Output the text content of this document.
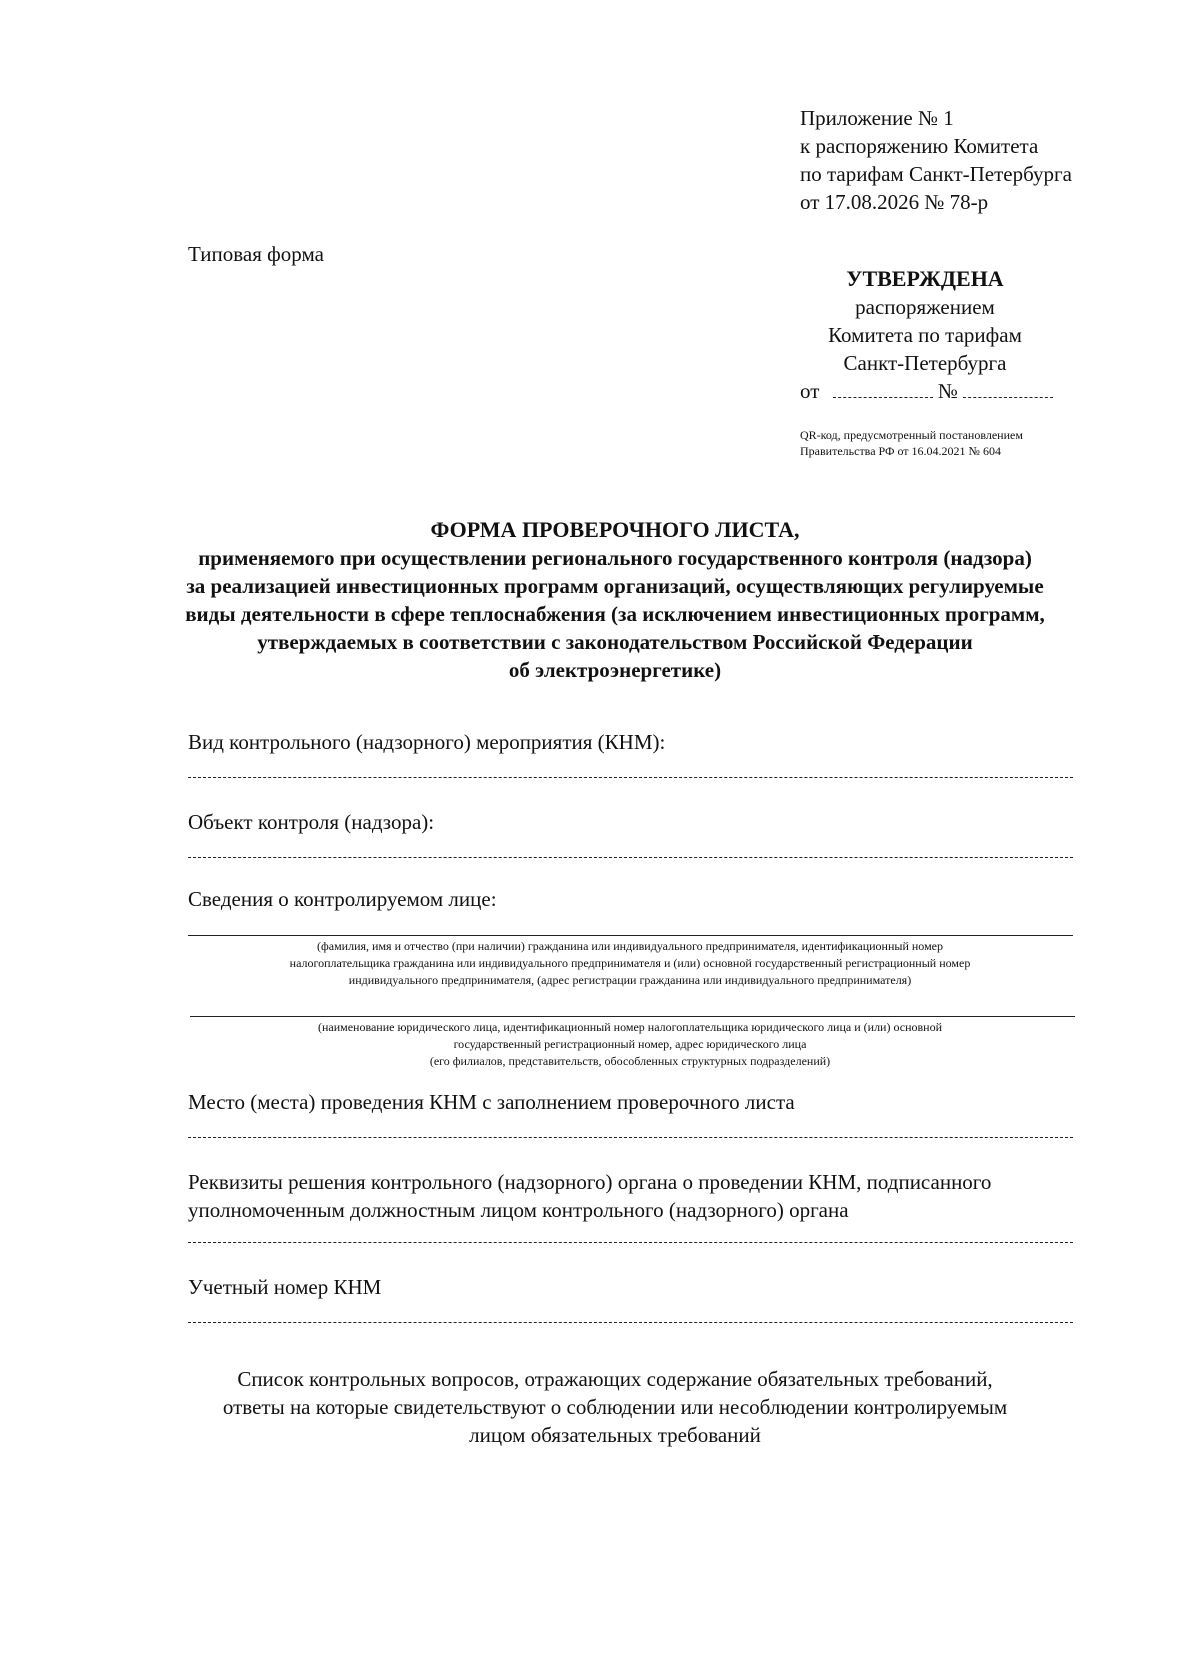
Приложение № 1
к распоряжению Комитета
по тарифам Санкт-Петербурга
от 17.08.2026 № 78-р
Типовая форма
УТВЕРЖДЕНА
распоряжением
Комитета по тарифам
Санкт-Петербурга
от	№
QR-код, предусмотренный постановлением
Правительства РФ от 16.04.2021 № 604
ФОРМА ПРОВЕРОЧНОГО ЛИСТА,
применяемого при осуществлении регионального государственного контроля (надзора)
за реализацией инвестиционных программ организаций, осуществляющих регулируемые
виды деятельности в сфере теплоснабжения (за исключением инвестиционных программ,
утверждаемых в соответствии с законодательством Российской Федерации
об электроэнергетике)
Вид контрольного (надзорного) мероприятия (КНМ):
Объект контроля (надзора):
Сведения о контролируемом лице:
(фамилия, имя и отчество (при наличии) гражданина или индивидуального предпринимателя, идентификационный номер
налогоплательщика гражданина или индивидуального предпринимателя и (или) основной государственный регистрационный номер
индивидуального предпринимателя, (адрес регистрации гражданина или индивидуального предпринимателя)
(наименование юридического лица, идентификационный номер налогоплательщика юридического лица и (или) основной
государственный регистрационный номер, адрес юридического лица
(его филиалов, представительств, обособленных структурных подразделений)
Место (места) проведения КНМ с заполнением проверочного листа
Реквизиты решения контрольного (надзорного) органа о проведении КНМ, подписанного
уполномоченным должностным лицом контрольного (надзорного) органа
Учетный номер КНМ
Список контрольных вопросов, отражающих содержание обязательных требований,
ответы на которые свидетельствуют о соблюдении или несоблюдении контролируемым
лицом обязательных требований
